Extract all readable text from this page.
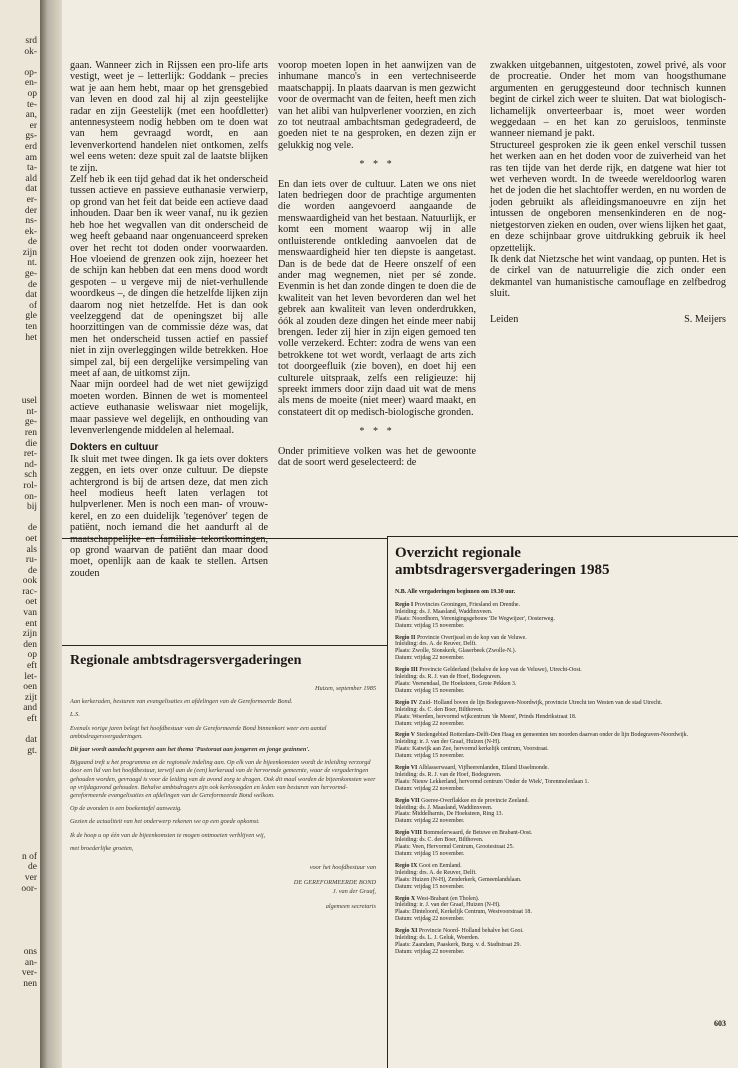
srd
ok-
op-
en-
op
te-
an,
er
gs-
erd
am
ta-
ald
dat
er-
der
ns-
ek-
de
zijn
nt.
ge-
de
dat
of
gle
ten
het
usel
nt-
ge-
ren
die
ret-
nd-
sch
rol-
on-
bij
de
oet
als
ru-
de
ook
rac-
oet
van
ent
zijn
den
op
eft
let-
oen
zijt
and
eft
dat
gt.
n of
de
ver
oor-
ons
an-
ver-
nen

gaan. Wanneer zich in Rijssen een pro-life arts vestigt, weet je – letterlijk: Goddank – precies wat je aan hem hebt, maar op het grensgebied van leven en dood zal hij al zijn geestelijke radar en zijn Geestelijk (met een hoofdletter) antennesysteem nodig hebben om te doen wat van hem gevraagd wordt, en aan levenverkortend handelen niet ontkomen, zelfs wel eens weten: deze spuit zal de laatste blijken te zijn.

Zelf heb ik een tijd gehad dat ik het onderscheid tussen actieve en passieve euthanasie verwierp, op grond van het feit dat beide een actieve daad inhouden. Daar ben ik weer vanaf, nu ik gezien heb hoe het wegvallen van dit onderscheid de weg heeft gebaand naar ongenuanceerd spreken over het recht tot doden onder voorwaarden. Hoe vloeiend de grenzen ook zijn, hoezeer het de schijn kan hebben dat een mens dood wordt gespoten – u vergeve mij de niet-verhullende woordkeus –, de dingen die hetzelfde lijken zijn daarom nog niet hetzelfde. Het is dan ook veelzeggend dat de openingszet bij alle hoorzittingen van de commissie déze was, dat men het onderscheid tussen actief en passief niet in zijn overleggingen wilde betrekken. Hoe simpel zal, bij een dergelijke versimpeling van meet af aan, de uitkomst zijn.

Naar mijn oordeel had de wet niet gewijzigd moeten worden. Binnen de wet is momenteel actieve euthanasie weliswaar niet mogelijk, maar passieve wel degelijk, en onthouding van levenverlengende middelen al helemaal.

Dokters en cultuur

Ik sluit met twee dingen. Ik ga iets over dokters zeggen, en iets over onze cultuur. De diepste achtergrond is bij de artsen deze, dat men zich heel modieus heeft laten verlagen tot hulpverlener. Men is noch een man- of vrouw-kerel, en zo een duidelijk 'tegenóver' tegen de patiënt, noch iemand die het aandurft al de maatschappelijke en familiale tekortkomingen, op grond waarvan de patiënt dan maar dood moet, openlijk aan de kaak te stellen. Artsen zouden

voorop moeten lopen in het aanwijzen van de inhumane manco's in een vertechniseerde maatschappij. In plaats daarvan is men gezwicht voor de overmacht van de feiten, heeft men zich van het alibi van hulpverlener voorzien, en zich zo tot neutraal ambachtsman gedegradeerd, de goeden niet te na gesproken, en dezen zijn er gelukkig nog vele.

* * *

En dan iets over de cultuur. Laten we ons niet laten bedriegen door de prachtige argumenten die worden aangevoerd aangaande de menswaardigheid van het bestaan. Natuurlijk, er komt een moment waarop wij in alle ontluisterende ontkleding aanvoelen dat de menswaardigheid hier ten diepste is aangetast. Dan is de bede dat de Heere onszelf of een ander mag wegnemen, niet per sé zonde. Evenmin is het dan zonde dingen te doen die de kwaliteit van het leven bevorderen dan wel het gebrek aan kwaliteit van leven onderdrukken, óók al zouden deze dingen het einde meer nabij brengen. Ieder zij hier in zijn eigen gemoed ten volle verzekerd. Echter: zodra de wens van een betrokkene tot wet wordt, verlaagt de arts zich tot doorgeefluik (zie boven), en doet hij een culturele uitspraak, zelfs een religieuze: hij spreekt immers door zijn daad uit wat de mens als mens de moeite (niet meer) waard maakt, en constateert dit op medisch-biologische gronden.

* * *

Onder primitieve volken was het de gewoonte dat de soort werd geselecteerd: de

zwakken uitgebannen, uitgestoten, zowel privé, als voor de procreatie. Onder het mom van hoogsthumane argumenten en geruggesteund door technisch kunnen begint de cirkel zich weer te sluiten. Dat wat biologisch-lichamelijk onverteerbaar is, moet weer worden weggedaan – en het kan zo geruisloos, tenminste wanneer niemand je pakt.

Structureel gesproken zie ik geen enkel verschil tussen het werken aan en het doden voor de zuiverheid van het ras ten tijde van het derde rijk, en datgene wat hier tot wet verheven wordt. In de tweede wereldoorlog waren het de joden die het slachtoffer werden, en nu worden de joden gebruikt als afleidingsmanoeuvre en zijn het intussen de ongeboren mensenkinderen en de nog-nietgestorven zieken en ouden, over wiens lijken het gaat, en deze schijnbaar grove uitdrukking gebruik ik heel opzettelijk.

Ik denk dat Nietzsche het wint vandaag, op punten. Het is de cirkel van de natuurreligie die zich onder een dekmantel van humanistische camouflage en zelfbedrog sluit.

Leiden	S. Meijers
Regionale ambtsdragersvergaderingen

Huizen, september 1985

Aan kerkeraden, besturen van evangelisaties en afdelingen van de Gereformeerde Bond.

L.S.

Evenals vorige jaren belegt het hoofdbestuur van de Gereformeerde Bond binnenkort weer een aantal ambtsdragersvergaderingen.

Dit jaar wordt aandacht gegeven aan het thema 'Pastoraat aan jongeren en jonge gezinnen'.

Bijgaand treft u het programma en de regionale indeling aan. Op elk van de bijeenkomsten wordt de inleiding verzorgd door een lid van het hoofdbestuur, terwijl aan de (een) kerkeraad van de hervormde gemeente, waar de vergaderingen gehouden worden, gevraagd is voor de leiding van de avond zorg te dragen. Ook dit maal worden de bijeenkomsten weer op vrijdagavond gehouden. Behalve ambtsdragers zijn ook kerkvoogden en leden van besturen van hervormd-gereformeerde evangelisaties en afdelingen van de Gereformeerde Bond welkom.

Op de avonden is een boekentafel aanwezig.

Gezien de actualiteit van het onderwerp rekenen we op een goede opkomst.

Ik de hoop u op één van de bijeenkomsten te mogen ontmoeten verblijven wij,

met broederlijke groeten,

voor het hoofdbestuur van

DE GEREFORMEERDE BOND

J. van der Graaf,

algemeen secretaris

Overzicht regionale
ambtsdragersvergaderingen 1985
N.B. Alle vergaderingen beginnen om 19.30 uur.
Regio I Provincies Groningen, Friesland en Drenthe.
Inleiding: ds. J. Maasland, Waddinxveen.
Plaats: Noordhorn, Verenigingsgebouw 'De Wegwijzer', Oosterweg.
Datum: vrijdag 15 november.
Regio II Provincie Overijssel en de kop van de Veluwe.
Inleiding: drs. A. de Reuver, Delft.
Plaats: Zwolle, Sionskerk, Glaserbeek (Zwolle-N.).
Datum: vrijdag 22 november.
Regio III Provincie Gelderland (behalve de kop van de Veluwe), Utrecht-Oost.
Inleiding: ds. R. J. van de Hoef, Bodegraven.
Plaats: Veenendaal, De Hoeksteen, Grote Pekken 3.
Datum: vrijdag 15 november.
Regio IV Zuid- Holland boven de lijn Bodegraven-Noordwijk, provincie Utrecht ten Westen van de stad Utrecht.
Inleiding: ds. C. den Boer, Bilthoven.
Plaats: Woerden, hervormd wijkcentrum 'de Meent', Prinds Hendrikstraat 18.
Datum: vrijdag 22 november.
Regio V Stedengebied Rotterdam-Delft-Den Haag en gemeenten ten noorden daarvan onder de lijn Bodegraven-Noordwijk.
Inleiding: ir. J. van der Graaf, Huizen (N-H).
Plaats: Katwijk aan Zee, hervormd kerkelijk centrum, Voorstraat.
Datum: vrijdag 15 november.
Regio VI Alblasserwaard, Vijfheerenlanden, Eiland IJsselmonde.
Inleiding: ds. R. J. van de Hoef, Bodegraven.
Plaats: Nieuw Lekkerland, hervormd centrum 'Onder de Wiek', Torenmolenlaan 1.
Datum: vrijdag 22 november.
Regio VII Goeree-Overflakkee en de provincie Zeeland.
Inleiding: ds. J. Maasland, Waddinxveen.
Plaats: Middelharnis, De Hoeksteen, Ring 13.
Datum: vrijdag 22 november.
Regio VIII Bommelerwaard, de Betuwe en Brabant-Oost.
Inleiding: ds. C. den Boer, Bilthoven.
Plaats: Veen, Hervormd Centrum, Grootestraat 25.
Datum: vrijdag 15 november.
Regio IX Gooi en Eemland.
Inleiding: drs. A. de Reuver, Delft.
Plaats: Huizen (N-H), Zenderkerk, Gemeenlandslaan.
Datum: vrijdag 15 november.
Regio X West-Brabant (en Tholen).
Inleiding: ir. J. van der Graaf, Huizen (N-H).
Plaats: Dinteloord, Kerkelijk Centrum, Westvoorstraat 18.
Datum: vrijdag 22 november.
Regio XI Provincie Noord- Holland behalve het Gooi.
Inleiding: ds. L. J. Geluk, Woerden.
Plaats: Zaandam, Paaskerk, Burg. v. d. Stadtstraat 29.
Datum: vrijdag 22 november.
603
